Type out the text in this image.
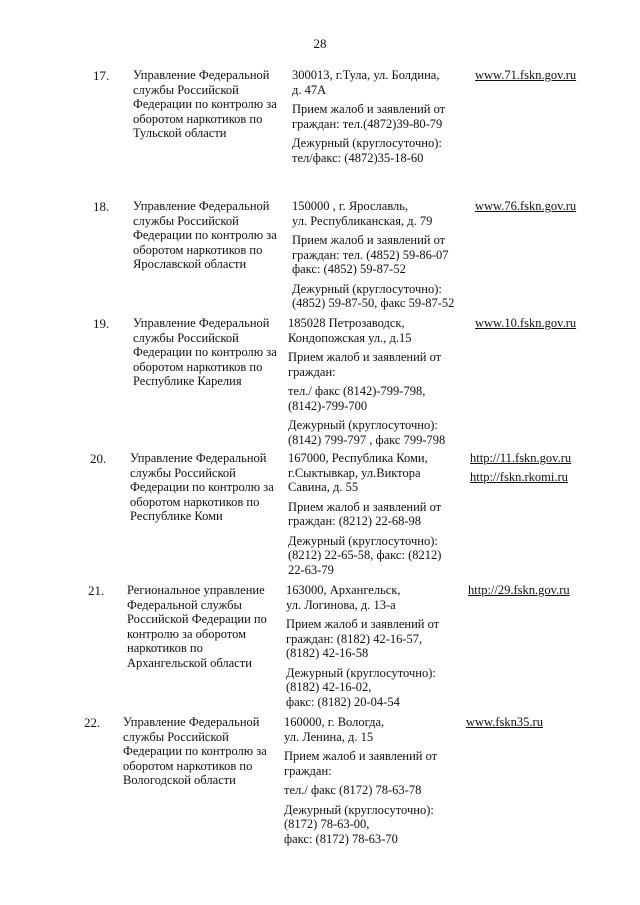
28
17. Управление Федеральной
службы Российской
Федерации по контролю за
оборотом наркотиков по
Тульской области
300013, г.Тула, ул. Болдина,
д. 47А
Прием жалоб и заявлений от
граждан: тел.(4872)39-80-79
Дежурный (круглосуточно):
тел/факс: (4872)35-18-60
www.71.fskn.gov.ru
18. Управление Федеральной
службы Российской
Федерации по контролю за
оборотом наркотиков по
Ярославской области
150000 , г. Ярославль,
ул. Республиканская, д. 79
Прием жалоб и заявлений от
граждан: тел. (4852) 59-86-07
факс: (4852) 59-87-52
Дежурный (круглосуточно):
(4852) 59-87-50, факс 59-87-52
www.76.fskn.gov.ru
19. Управление Федеральной
службы Российской
Федерации по контролю за
оборотом наркотиков по
Республике Карелия
185028 Петрозаводск,
Кондопожская ул., д.15
Прием жалоб и заявлений от
граждан:
тел./ факс (8142)-799-798,
(8142)-799-700
Дежурный (круглосуточно):
(8142) 799-797 , факс 799-798
www.10.fskn.gov.ru
20. Управление Федеральной
службы Российской
Федерации по контролю за
оборотом наркотиков по
Республике Коми
167000, Республика Коми,
г.Сыктывкар, ул.Виктора
Савина, д. 55
Прием жалоб и заявлений от
граждан: (8212) 22-68-98
Дежурный (круглосуточно):
(8212) 22-65-58, факс: (8212)
22-63-79
http://11.fskn.gov.ru
http://fskn.rkomi.ru
21. Региональное управление
Федеральной службы
Российской Федерации по
контролю за оборотом
наркотиков по
Архангельской области
163000, Архангельск,
ул. Логинова, д. 13-а
Прием жалоб и заявлений от
граждан: (8182) 42-16-57,
(8182) 42-16-58
Дежурный (круглосуточно):
(8182) 42-16-02,
факс: (8182) 20-04-54
http://29.fskn.gov.ru
22. Управление Федеральной
службы Российской
Федерации по контролю за
оборотом наркотиков по
Вологодской области
160000, г. Вологда,
ул. Ленина, д. 15
Прием жалоб и заявлений от
граждан:
тел./ факс (8172) 78-63-78
Дежурный (круглосуточно):
(8172) 78-63-00,
факс: (8172) 78-63-70
www.fskn35.ru
